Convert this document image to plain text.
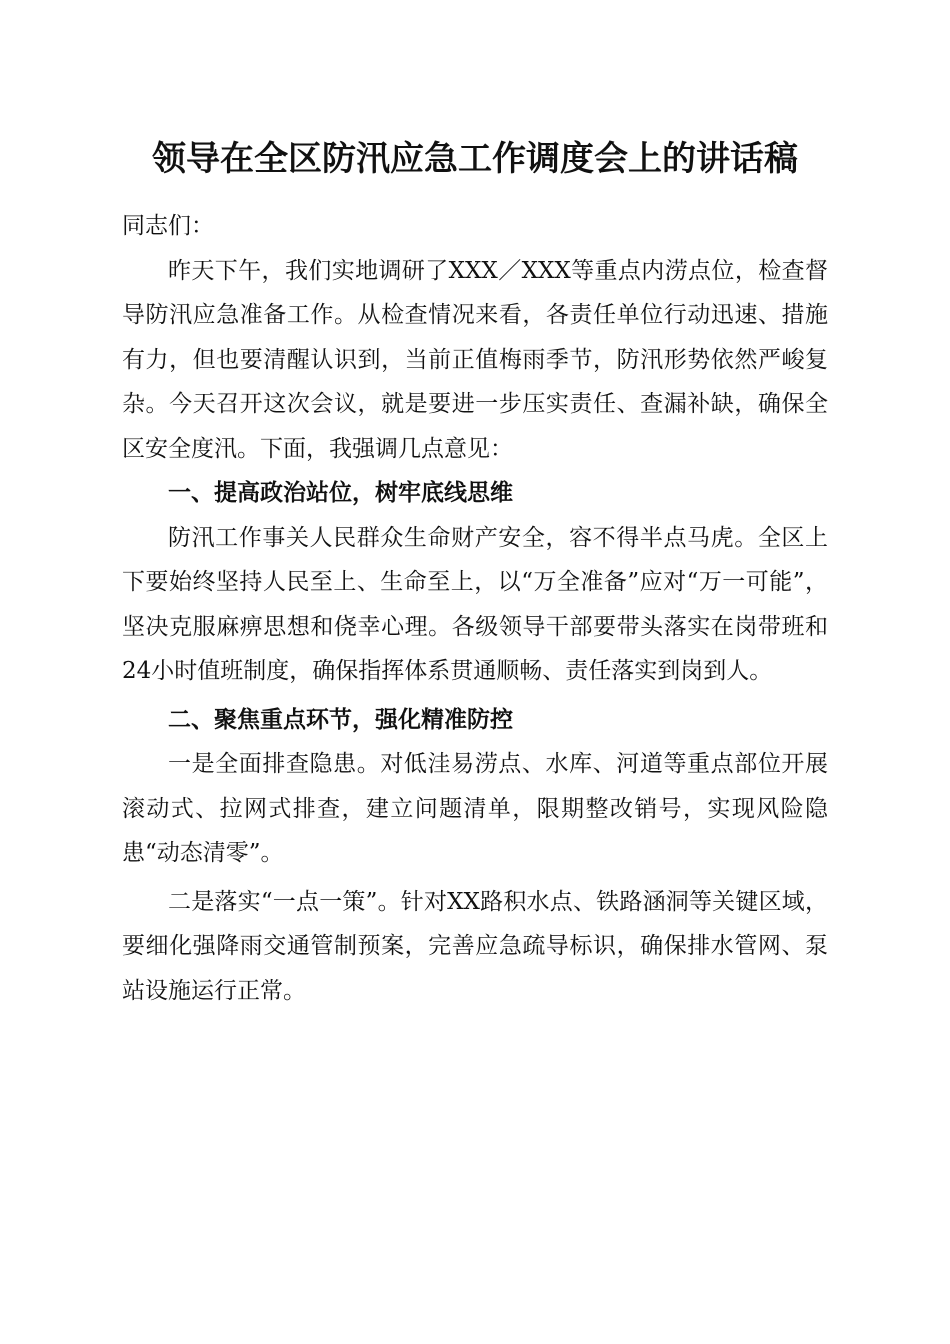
领导在全区防汛应急工作调度会上的讲话稿

同志们：

昨天下午，我们实地调研了XXX／XXX等重点内涝点位，检查督导防汛应急准备工作。从检查情况来看，各责任单位行动迅速、措施有力，但也要清醒认识到，当前正值梅雨季节，防汛形势依然严峻复杂。今天召开这次会议，就是要进一步压实责任、查漏补缺，确保全区安全度汛。下面，我强调几点意见：

一、提高政治站位，树牢底线思维

防汛工作事关人民群众生命财产安全，容不得半点马虎。全区上下要始终坚持人民至上、生命至上，以“万全准备”应对“万一可能”，坚决克服麻痹思想和侥幸心理。各级领导干部要带头落实在岗带班和24小时值班制度，确保指挥体系贯通顺畅、责任落实到岗到人。

二、聚焦重点环节，强化精准防控

一是全面排查隐患。对低洼易涝点、水库、河道等重点部位开展滚动式、拉网式排查，建立问题清单，限期整改销号，实现风险隐患“动态清零”。

二是落实“一点一策”。针对XX路积水点、铁路涵洞等关键区域，要细化强降雨交通管制预案，完善应急疏导标识，确保排水管网、泵站设施运行正常。
